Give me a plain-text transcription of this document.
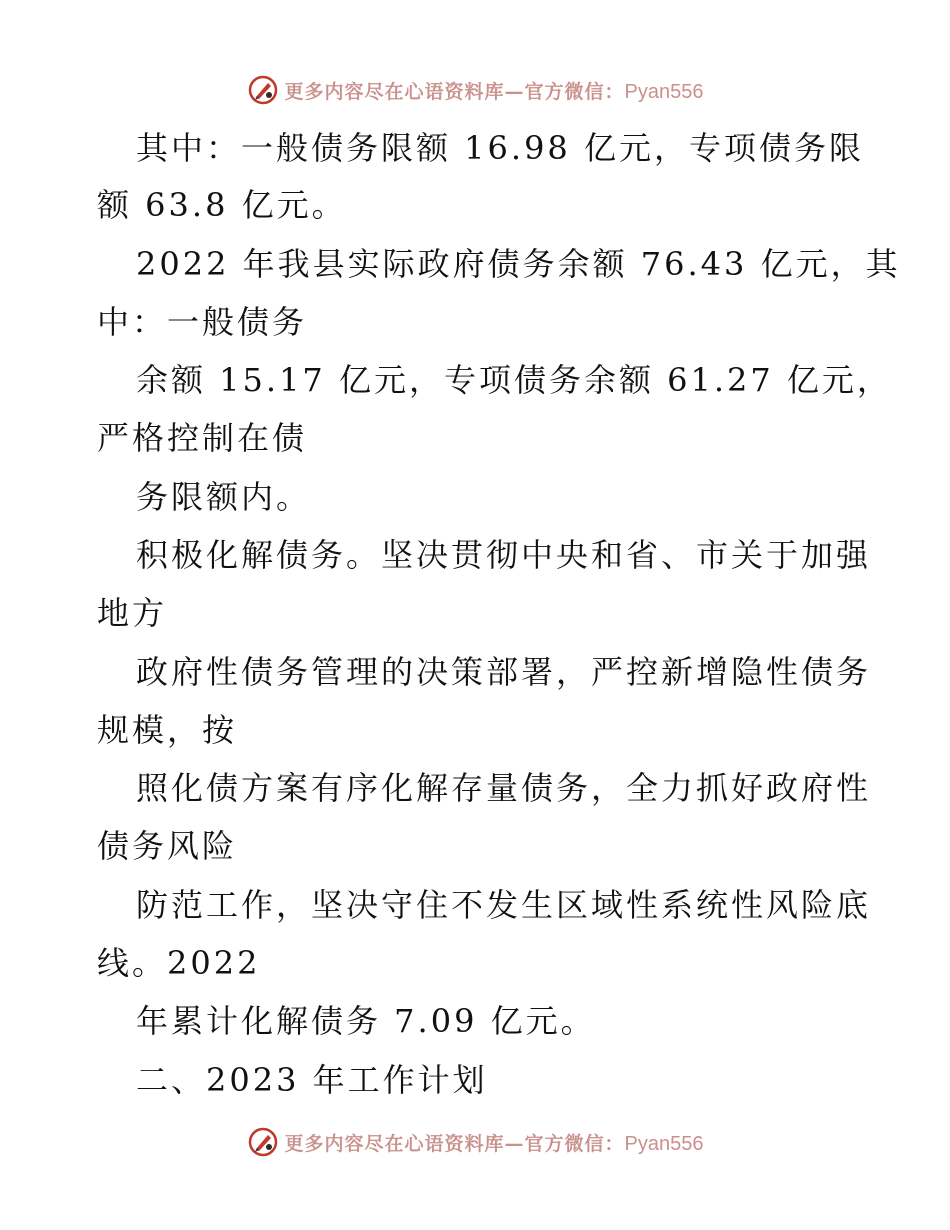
更多内容尽在心语资料库—官方微信：Pyan556
其中：一般债务限额 16.98 亿元，专项债务限
额 63.8 亿元。
2022 年我县实际政府债务余额 76.43 亿元，其
中：一般债务
余额 15.17 亿元，专项债务余额 61.27 亿元，
严格控制在债
务限额内。
积极化解债务。坚决贯彻中央和省、市关于加强
地方
政府性债务管理的决策部署，严控新增隐性债务
规模，按
照化债方案有序化解存量债务，全力抓好政府性
债务风险
防范工作，坚决守住不发生区域性系统性风险底
线。2022
年累计化解债务 7.09 亿元。
二、2023 年工作计划
更多内容尽在心语资料库—官方微信：Pyan556
